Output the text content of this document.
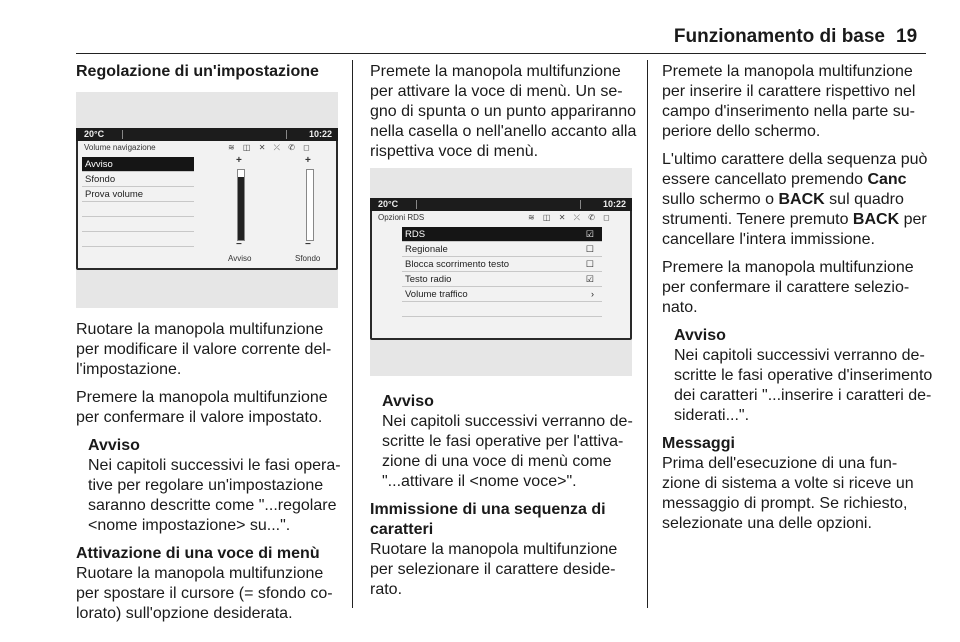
Funzionamento di base 19

Regolazione di un'impostazione

20°C	10:22
Volume navigazione	≋ ◫ ✕ ⤫ ✆ ◻
Avviso
Sfondo
Prova volume
+
−
Avviso
+
−
Sfondo

Ruotare la manopola multifunzione
per modificare il valore corrente del-
l'impostazione.

Premere la manopola multifunzione
per confermare il valore impostato.

Avviso

Nei capitoli successivi le fasi opera-
tive per regolare un'impostazione
saranno descritte come "...regolare
<nome impostazione> su...".

Attivazione di una voce di menù

Ruotare la manopola multifunzione
per spostare il cursore (= sfondo co-
lorato) sull'opzione desiderata.

Premete la manopola multifunzione
per attivare la voce di menù. Un se-
gno di spunta o un punto appariranno
nella casella o nell'anello accanto alla
rispettiva voce di menù.

20°C	10:22
Opzioni RDS	≋ ◫ ✕ ⤫ ✆ ◻
RDS	☑
Regionale	☐
Blocca scorrimento testo	☐
Testo radio	☑
Volume traffico	›

Avviso

Nei capitoli successivi verranno de-
scritte le fasi operative per l'attiva-
zione di una voce di menù come
"...attivare il <nome voce>".

Immissione di una sequenza di
caratteri

Ruotare la manopola multifunzione
per selezionare il carattere deside-
rato.

Premete la manopola multifunzione
per inserire il carattere rispettivo nel
campo d'inserimento nella parte su-
periore dello schermo.

L'ultimo carattere della sequenza può
essere cancellato premendo Canc
sullo schermo o BACK sul quadro
strumenti. Tenere premuto BACK per
cancellare l'intera immissione.

Premere la manopola multifunzione
per confermare il carattere selezio-
nato.

Avviso

Nei capitoli successivi verranno de-
scritte le fasi operative d'inserimento
dei caratteri "...inserire i caratteri de-
siderati...".

Messaggi

Prima dell'esecuzione di una fun-
zione di sistema a volte si riceve un
messaggio di prompt. Se richiesto,
selezionate una delle opzioni.
